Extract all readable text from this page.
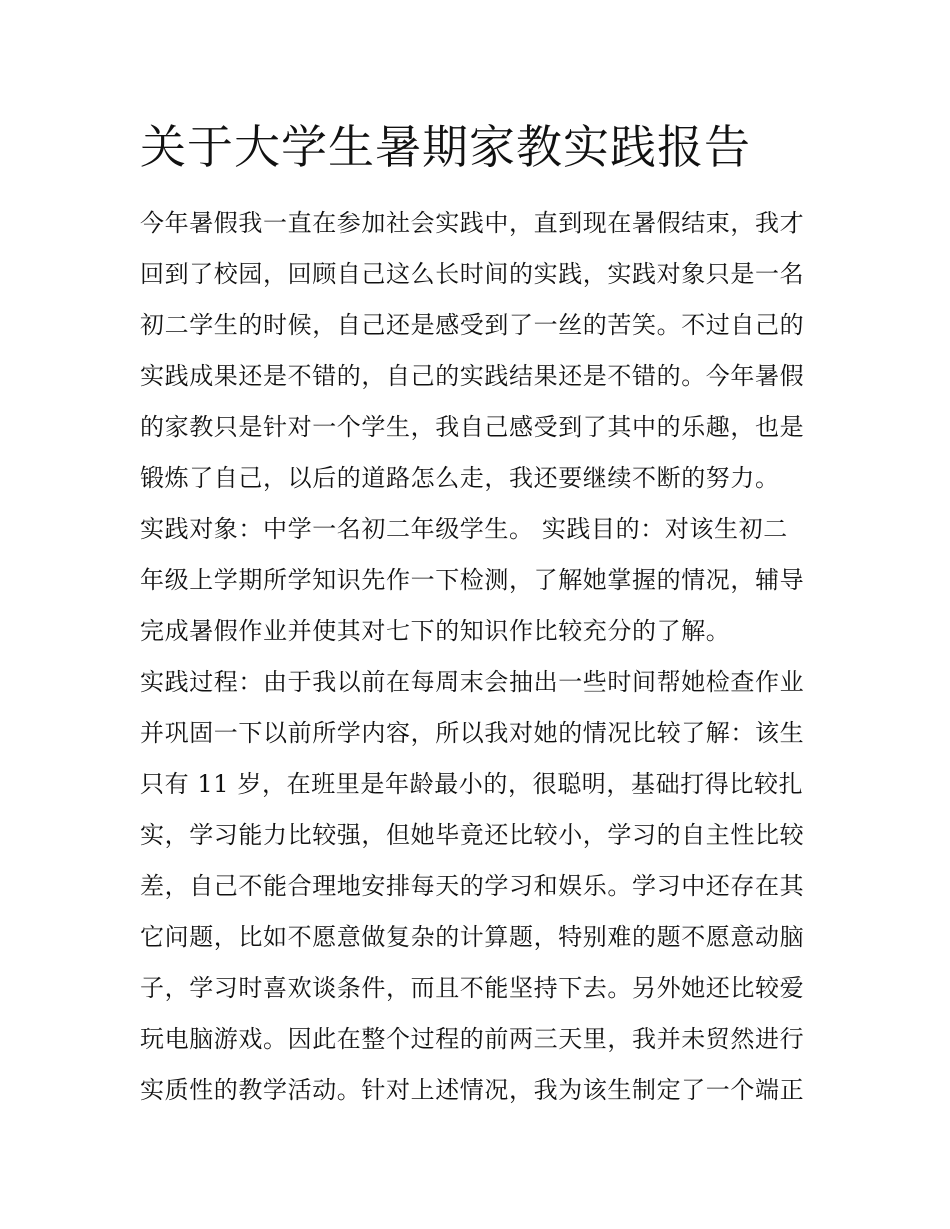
关于大学生暑期家教实践报告
今年暑假我一直在参加社会实践中，直到现在暑假结束，我才
回到了校园，回顾自己这么长时间的实践，实践对象只是一名
初二学生的时候，自己还是感受到了一丝的苦笑。不过自己的
实践成果还是不错的，自己的实践结果还是不错的。今年暑假
的家教只是针对一个学生，我自己感受到了其中的乐趣，也是
锻炼了自己，以后的道路怎么走，我还要继续不断的努力。
实践对象：中学一名初二年级学生。 实践目的：对该生初二
年级上学期所学知识先作一下检测，了解她掌握的情况，辅导
完成暑假作业并使其对七下的知识作比较充分的了解。
实践过程：由于我以前在每周末会抽出一些时间帮她检查作业
并巩固一下以前所学内容，所以我对她的情况比较了解：该生
只有 11 岁，在班里是年龄最小的，很聪明，基础打得比较扎
实，学习能力比较强，但她毕竟还比较小，学习的自主性比较
差，自己不能合理地安排每天的学习和娱乐。学习中还存在其
它问题，比如不愿意做复杂的计算题，特别难的题不愿意动脑
子，学习时喜欢谈条件，而且不能坚持下去。另外她还比较爱
玩电脑游戏。因此在整个过程的前两三天里，我并未贸然进行
实质性的教学活动。针对上述情况，我为该生制定了一个端正
